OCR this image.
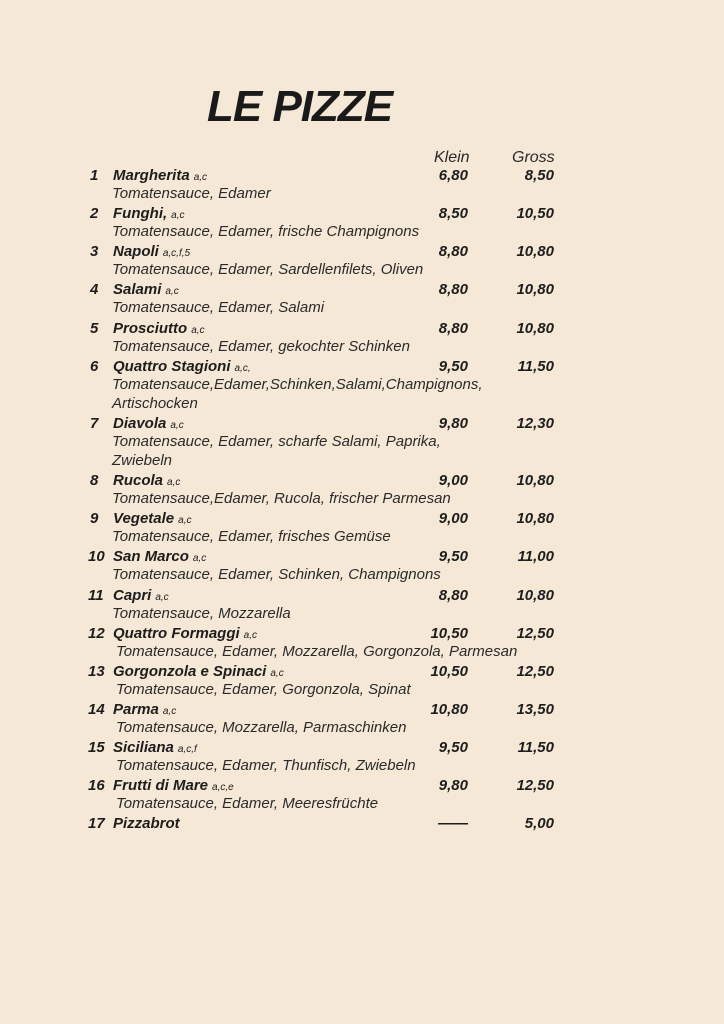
LE PIZZE
Klein	Gross
1 Margherita a,c	6,80	8,50
Tomatensauce, Edamer
2 Funghi, a,c	8,50	10,50
Tomatensauce, Edamer, frische Champignons
3 Napoli a,c,f,5	8,80	10,80
Tomatensauce, Edamer, Sardellenfilets, Oliven
4 Salami a,c	8,80	10,80
Tomatensauce, Edamer, Salami
5 Prosciutto a,c	8,80	10,80
Tomatensauce, Edamer, gekochter Schinken
6 Quattro Stagioni a,c,	9,50	11,50
Tomatensauce,Edamer,Schinken,Salami,Champignons, Artischocken
7 Diavola a,c	9,80	12,30
Tomatensauce, Edamer, scharfe Salami, Paprika, Zwiebeln
8 Rucola a,c	9,00	10,80
Tomatensauce,Edamer, Rucola, frischer Parmesan
9 Vegetale a,c	9,00	10,80
Tomatensauce, Edamer, frisches Gemüse
10 San Marco a,c	9,50	11,00
Tomatensauce, Edamer, Schinken, Champignons
11 Capri a,c	8,80	10,80
Tomatensauce, Mozzarella
12 Quattro Formaggi a,c	10,50	12,50
Tomatensauce, Edamer, Mozzarella, Gorgonzola, Parmesan
13 Gorgonzola e Spinaci a,c	10,50	12,50
Tomatensauce, Edamer, Gorgonzola, Spinat
14 Parma a,c	10,80	13,50
Tomatensauce, Mozzarella, Parmaschinken
15 Siciliana a,c,f	9,50	11,50
Tomatensauce, Edamer, Thunfisch, Zwiebeln
16 Frutti di Mare a,c,e	9,80	12,50
Tomatensauce, Edamer, Meeresfrüchte
17 Pizzabrot	——	5,00
